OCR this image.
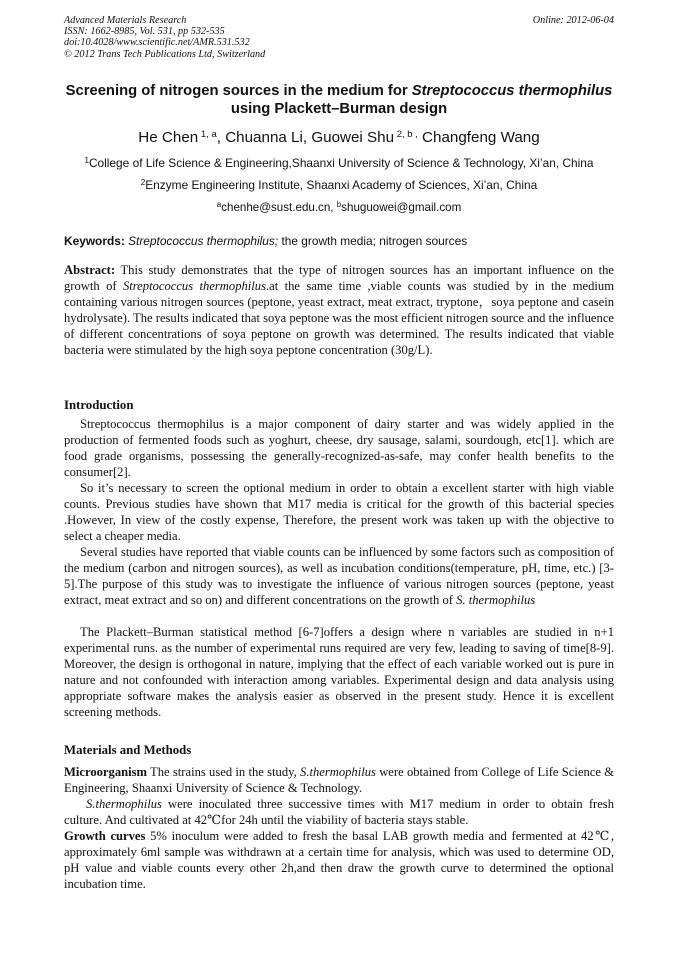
Advanced Materials Research
ISSN: 1662-8985, Vol. 531, pp 532-535
doi:10.4028/www.scientific.net/AMR.531.532
© 2012 Trans Tech Publications Ltd, Switzerland
Online: 2012-06-04
Screening of nitrogen sources in the medium for Streptococcus thermophilus using Plackett–Burman design
He Chen $^{1, a}$, Chuanna Li, Guowei Shu $^{2, b ,}$ Changfeng Wang
$^1$College of Life Science & Engineering,Shaanxi University of Science & Technology, Xi’an, China
$^2$Enzyme Engineering Institute, Shaanxi Academy of Sciences, Xi’an, China
$^a$chenhe@sust.edu.cn, $^b$shuguowei@gmail.com
Keywords: Streptococcus thermophilus; the growth media; nitrogen sources
Abstract: This study demonstrates that the type of nitrogen sources has an important influence on the growth of Streptococcus thermophilus.at the same time ,viable counts was studied by in the medium containing various nitrogen sources (peptone, yeast extract, meat extract, tryptone，soya peptone and casein hydrolysate). The results indicated that soya peptone was the most efficient nitrogen source and the influence of different concentrations of soya peptone on growth was determined. The results indicated that viable bacteria were stimulated by the high soya peptone concentration (30g/L).
Introduction
Streptococcus thermophilus is a major component of dairy starter and was widely applied in the production of fermented foods such as yoghurt, cheese, dry sausage, salami, sourdough, etc[1]. which are food grade organisms, possessing the generally-recognized-as-safe, may confer health benefits to the consumer[2].
So it’s necessary to screen the optional medium in order to obtain a excellent starter with high viable counts. Previous studies have shown that M17 media is critical for the growth of this bacterial species .However, In view of the costly expense, Therefore, the present work was taken up with the objective to select a cheaper media.
Several studies have reported that viable counts can be influenced by some factors such as composition of the medium (carbon and nitrogen sources), as well as incubation conditions(temperature, pH, time, etc.) [3-5].The purpose of this study was to investigate the influence of various nitrogen sources (peptone, yeast extract, meat extract and so on) and different concentrations on the growth of S. thermophilus
The Plackett–Burman statistical method [6-7]offers a design where n variables are studied in n+1 experimental runs. as the number of experimental runs required are very few, leading to saving of time[8-9]. Moreover, the design is orthogonal in nature, implying that the effect of each variable worked out is pure in nature and not confounded with interaction among variables. Experimental design and data analysis using appropriate software makes the analysis easier as observed in the present study. Hence it is excellent screening methods.
Materials and Methods
Microorganism The strains used in the study, S.thermophilus were obtained from College of Life Science & Engineering, Shaanxi University of Science & Technology.
S.thermophilus were inoculated three successive times with M17 medium in order to obtain fresh culture. And cultivated at 42℃for 24h until the viability of bacteria stays stable.
Growth curves 5% inoculum were added to fresh the basal LAB growth media and fermented at 42℃, approximately 6ml sample was withdrawn at a certain time for analysis, which was used to determine OD, pH value and viable counts every other 2h,and then draw the growth curve to determined the optional incubation time.
